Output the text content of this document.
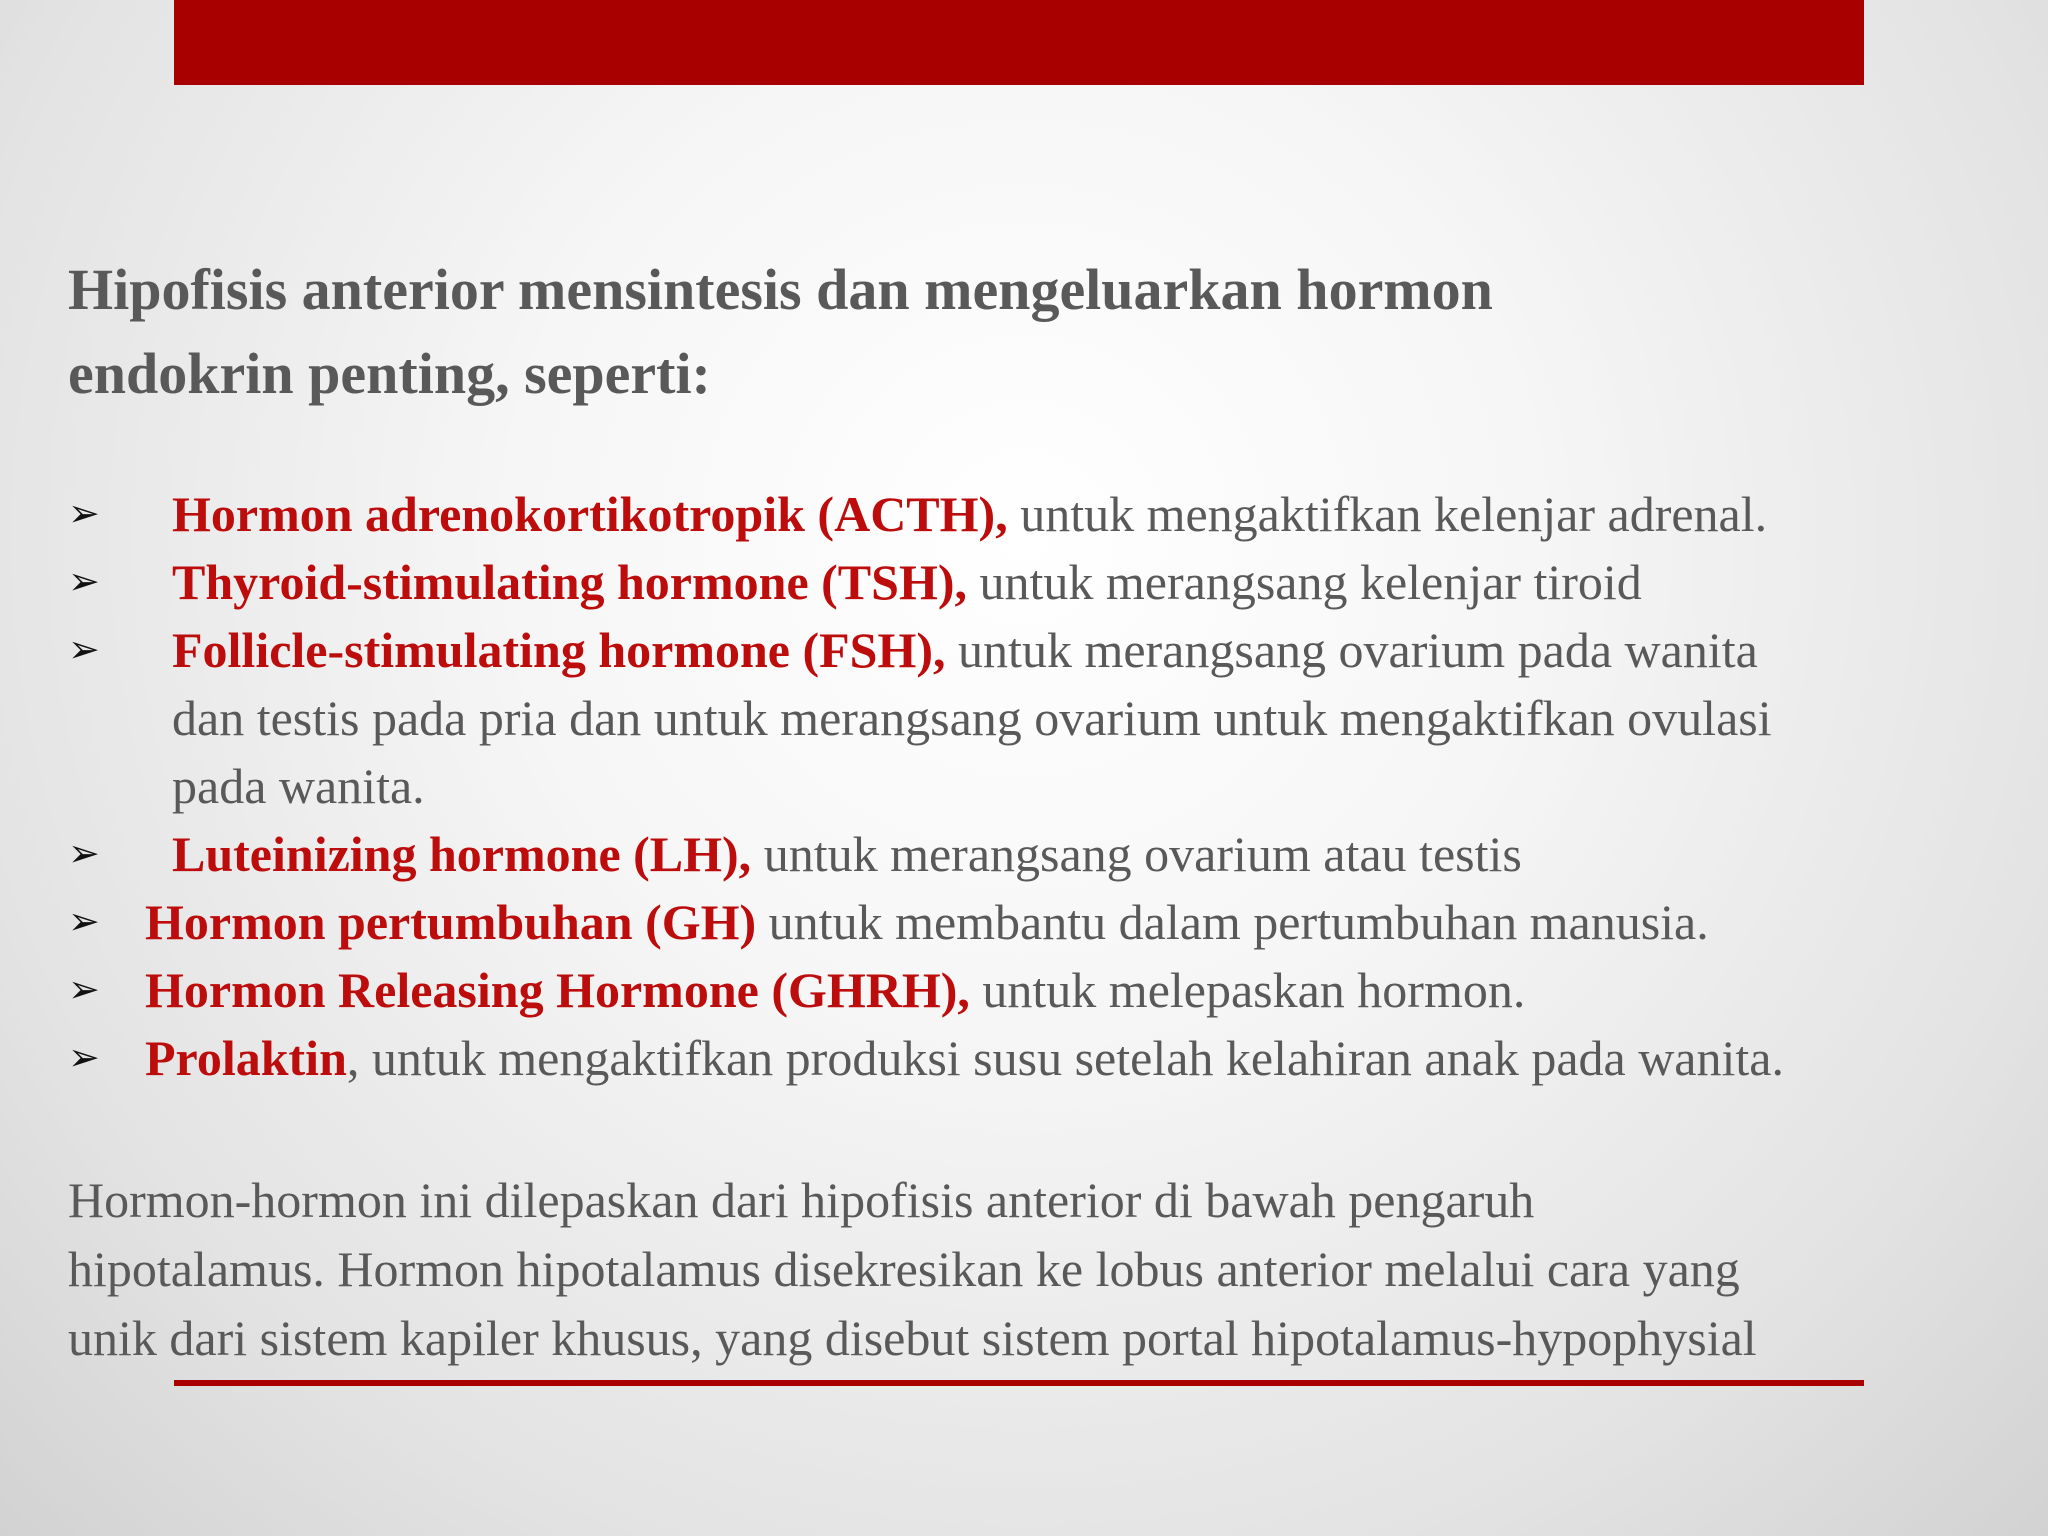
Hipofisis anterior mensintesis dan mengeluarkan hormon
endokrin penting, seperti:
➢ Hormon adrenokortikotropik (ACTH), untuk mengaktifkan kelenjar adrenal.
➢ Thyroid-stimulating hormone (TSH), untuk merangsang kelenjar tiroid
➢ Follicle-stimulating hormone (FSH), untuk merangsang ovarium pada wanita
dan testis pada pria dan untuk merangsang ovarium untuk mengaktifkan ovulasi
pada wanita.
➢ Luteinizing hormone (LH), untuk merangsang ovarium atau testis
➢ Hormon pertumbuhan (GH) untuk membantu dalam pertumbuhan manusia.
➢ Hormon Releasing Hormone (GHRH), untuk melepaskan hormon.
➢ Prolaktin, untuk mengaktifkan produksi susu setelah kelahiran anak pada wanita.

Hormon-hormon ini dilepaskan dari hipofisis anterior di bawah pengaruh
hipotalamus. Hormon hipotalamus disekresikan ke lobus anterior melalui cara yang
unik dari sistem kapiler khusus, yang disebut sistem portal hipotalamus-hypophysial
